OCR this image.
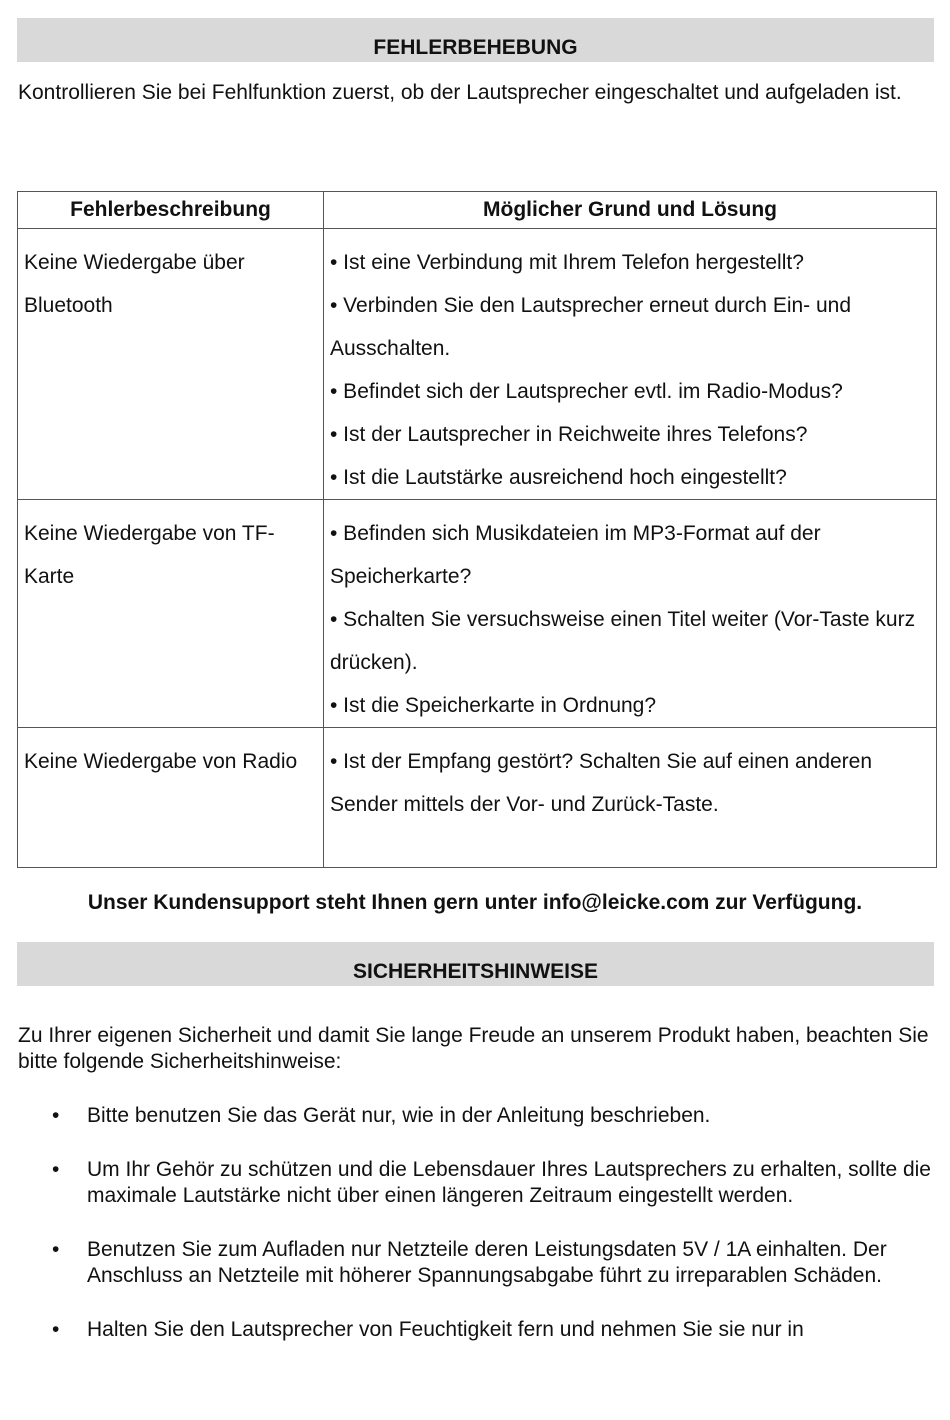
FEHLERBEHEBUNG
Kontrollieren Sie bei Fehlfunktion zuerst, ob der Lautsprecher eingeschaltet und aufgeladen ist.
Fehlerbeschreibung	Möglicher Grund und Lösung

Keine Wiedergabe über Bluetooth	• Ist eine Verbindung mit Ihrem Telefon hergestellt?

• Verbinden Sie den Lautsprecher erneut durch Ein- und Ausschalten.

• Befindet sich der Lautsprecher evtl. im Radio-Modus?

• Ist der Lautsprecher in Reichweite ihres Telefons?

• Ist die Lautstärke ausreichend hoch eingestellt?

Keine Wiedergabe von TF-Karte	• Befinden sich Musikdateien im MP3-Format auf der Speicherkarte?

• Schalten Sie versuchsweise einen Titel weiter (Vor-Taste kurz drücken).

• Ist die Speicherkarte in Ordnung?

Keine Wiedergabe von Radio	• Ist der Empfang gestört? Schalten Sie auf einen anderen Sender mittels der Vor- und Zurück-Taste.

Unser Kundensupport steht Ihnen gern unter info@leicke.com zur Verfügung.
SICHERHEITSHINWEISE
Zu Ihrer eigenen Sicherheit und damit Sie lange Freude an unserem Produkt haben, beachten Sie bitte folgende Sicherheitshinweise:
• Bitte benutzen Sie das Gerät nur, wie in der Anleitung beschrieben.
• Um Ihr Gehör zu schützen und die Lebensdauer Ihres Lautsprechers zu erhalten, sollte die maximale Lautstärke nicht über einen längeren Zeitraum eingestellt werden.
• Benutzen Sie zum Aufladen nur Netzteile deren Leistungsdaten 5V / 1A einhalten. Der Anschluss an Netzteile mit höherer Spannungsabgabe führt zu irreparablen Schäden.
• Halten Sie den Lautsprecher von Feuchtigkeit fern und nehmen Sie sie nur in
